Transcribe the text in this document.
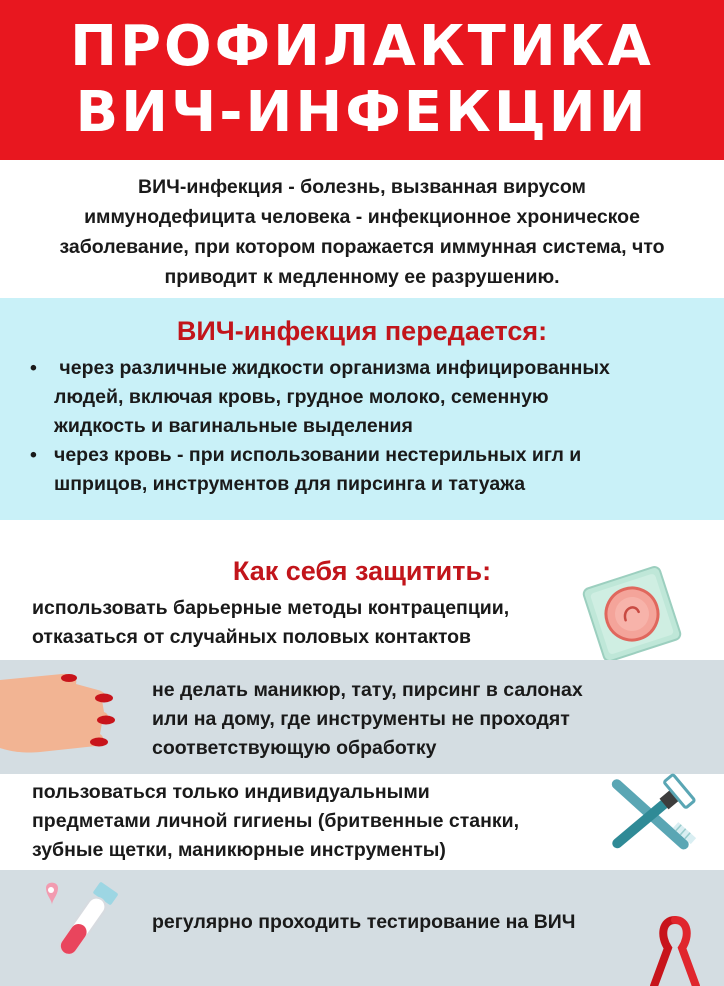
ПРОФИЛАКТИКА
ВИЧ-ИНФЕКЦИИ
ВИЧ-инфекция - болезнь, вызванная вирусом
иммунодефицита человека - инфекционное хроническое
заболевание, при котором поражается иммунная система, что
приводит к медленному ее разрушению.
ВИЧ-инфекция передается:
• через различные жидкости организма инфицированных
людей, включая кровь, грудное молоко, семенную
жидкость и вагинальные выделения
• через кровь - при использовании нестерильных игл и
шприцов, инструментов для пирсинга и татуажа
Как себя защитить:
использовать барьерные методы контрацепции,
отказаться от случайных половых контактов
не делать маникюр, тату, пирсинг в салонах
или на дому, где инструменты не проходят
соответствующую обработку
пользоваться только индивидуальными
предметами личной гигиены (бритвенные станки,
зубные щетки, маникюрные инструменты)
регулярно проходить тестирование на ВИЧ
